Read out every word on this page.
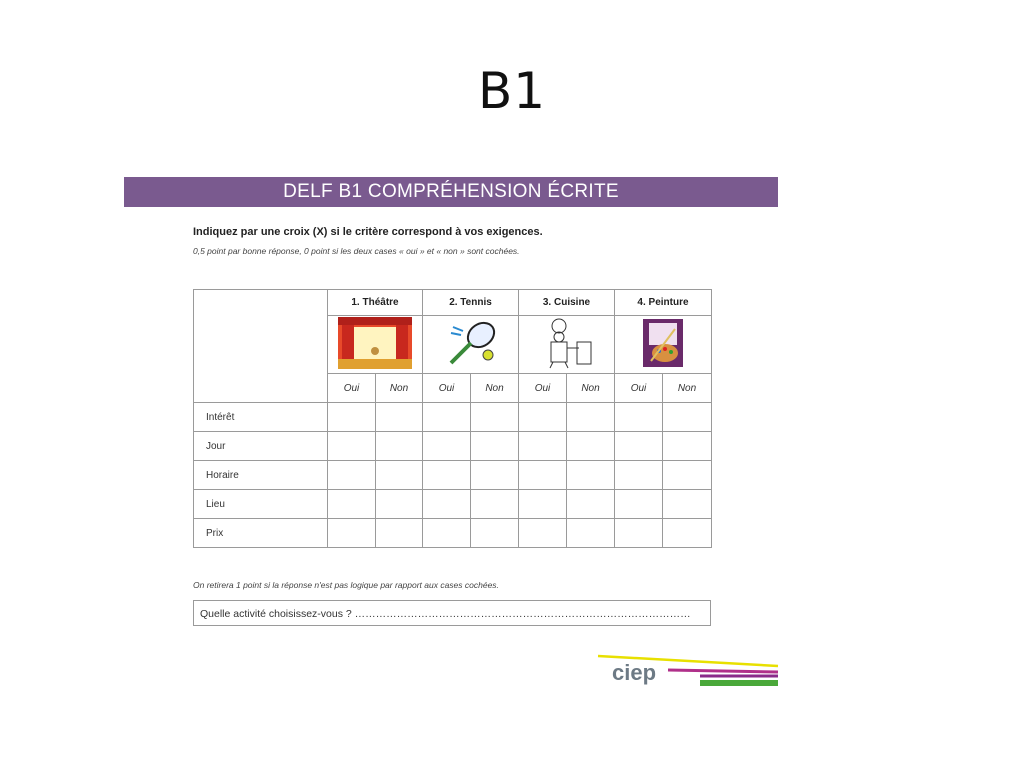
B1
DELF B1 COMPRÉHENSION ÉCRITE
Indiquez par une croix (X) si le critère correspond à vos exigences.
0,5 point par bonne réponse, 0 point si les deux cases « oui » et « non » sont cochées.
	1. Théâtre		2. Tennis		3. Cuisine		4. Peinture	

	Oui	Non	Oui	Non	Oui	Non	Oui	Non
Intérêt								
Jour								
Horaire								
Lieu								
Prix								
On retirera 1 point si la réponse n'est pas logique par rapport aux cases cochées.
Quelle activité choisissez-vous ? ……………………………………………………………………………………
ciep
